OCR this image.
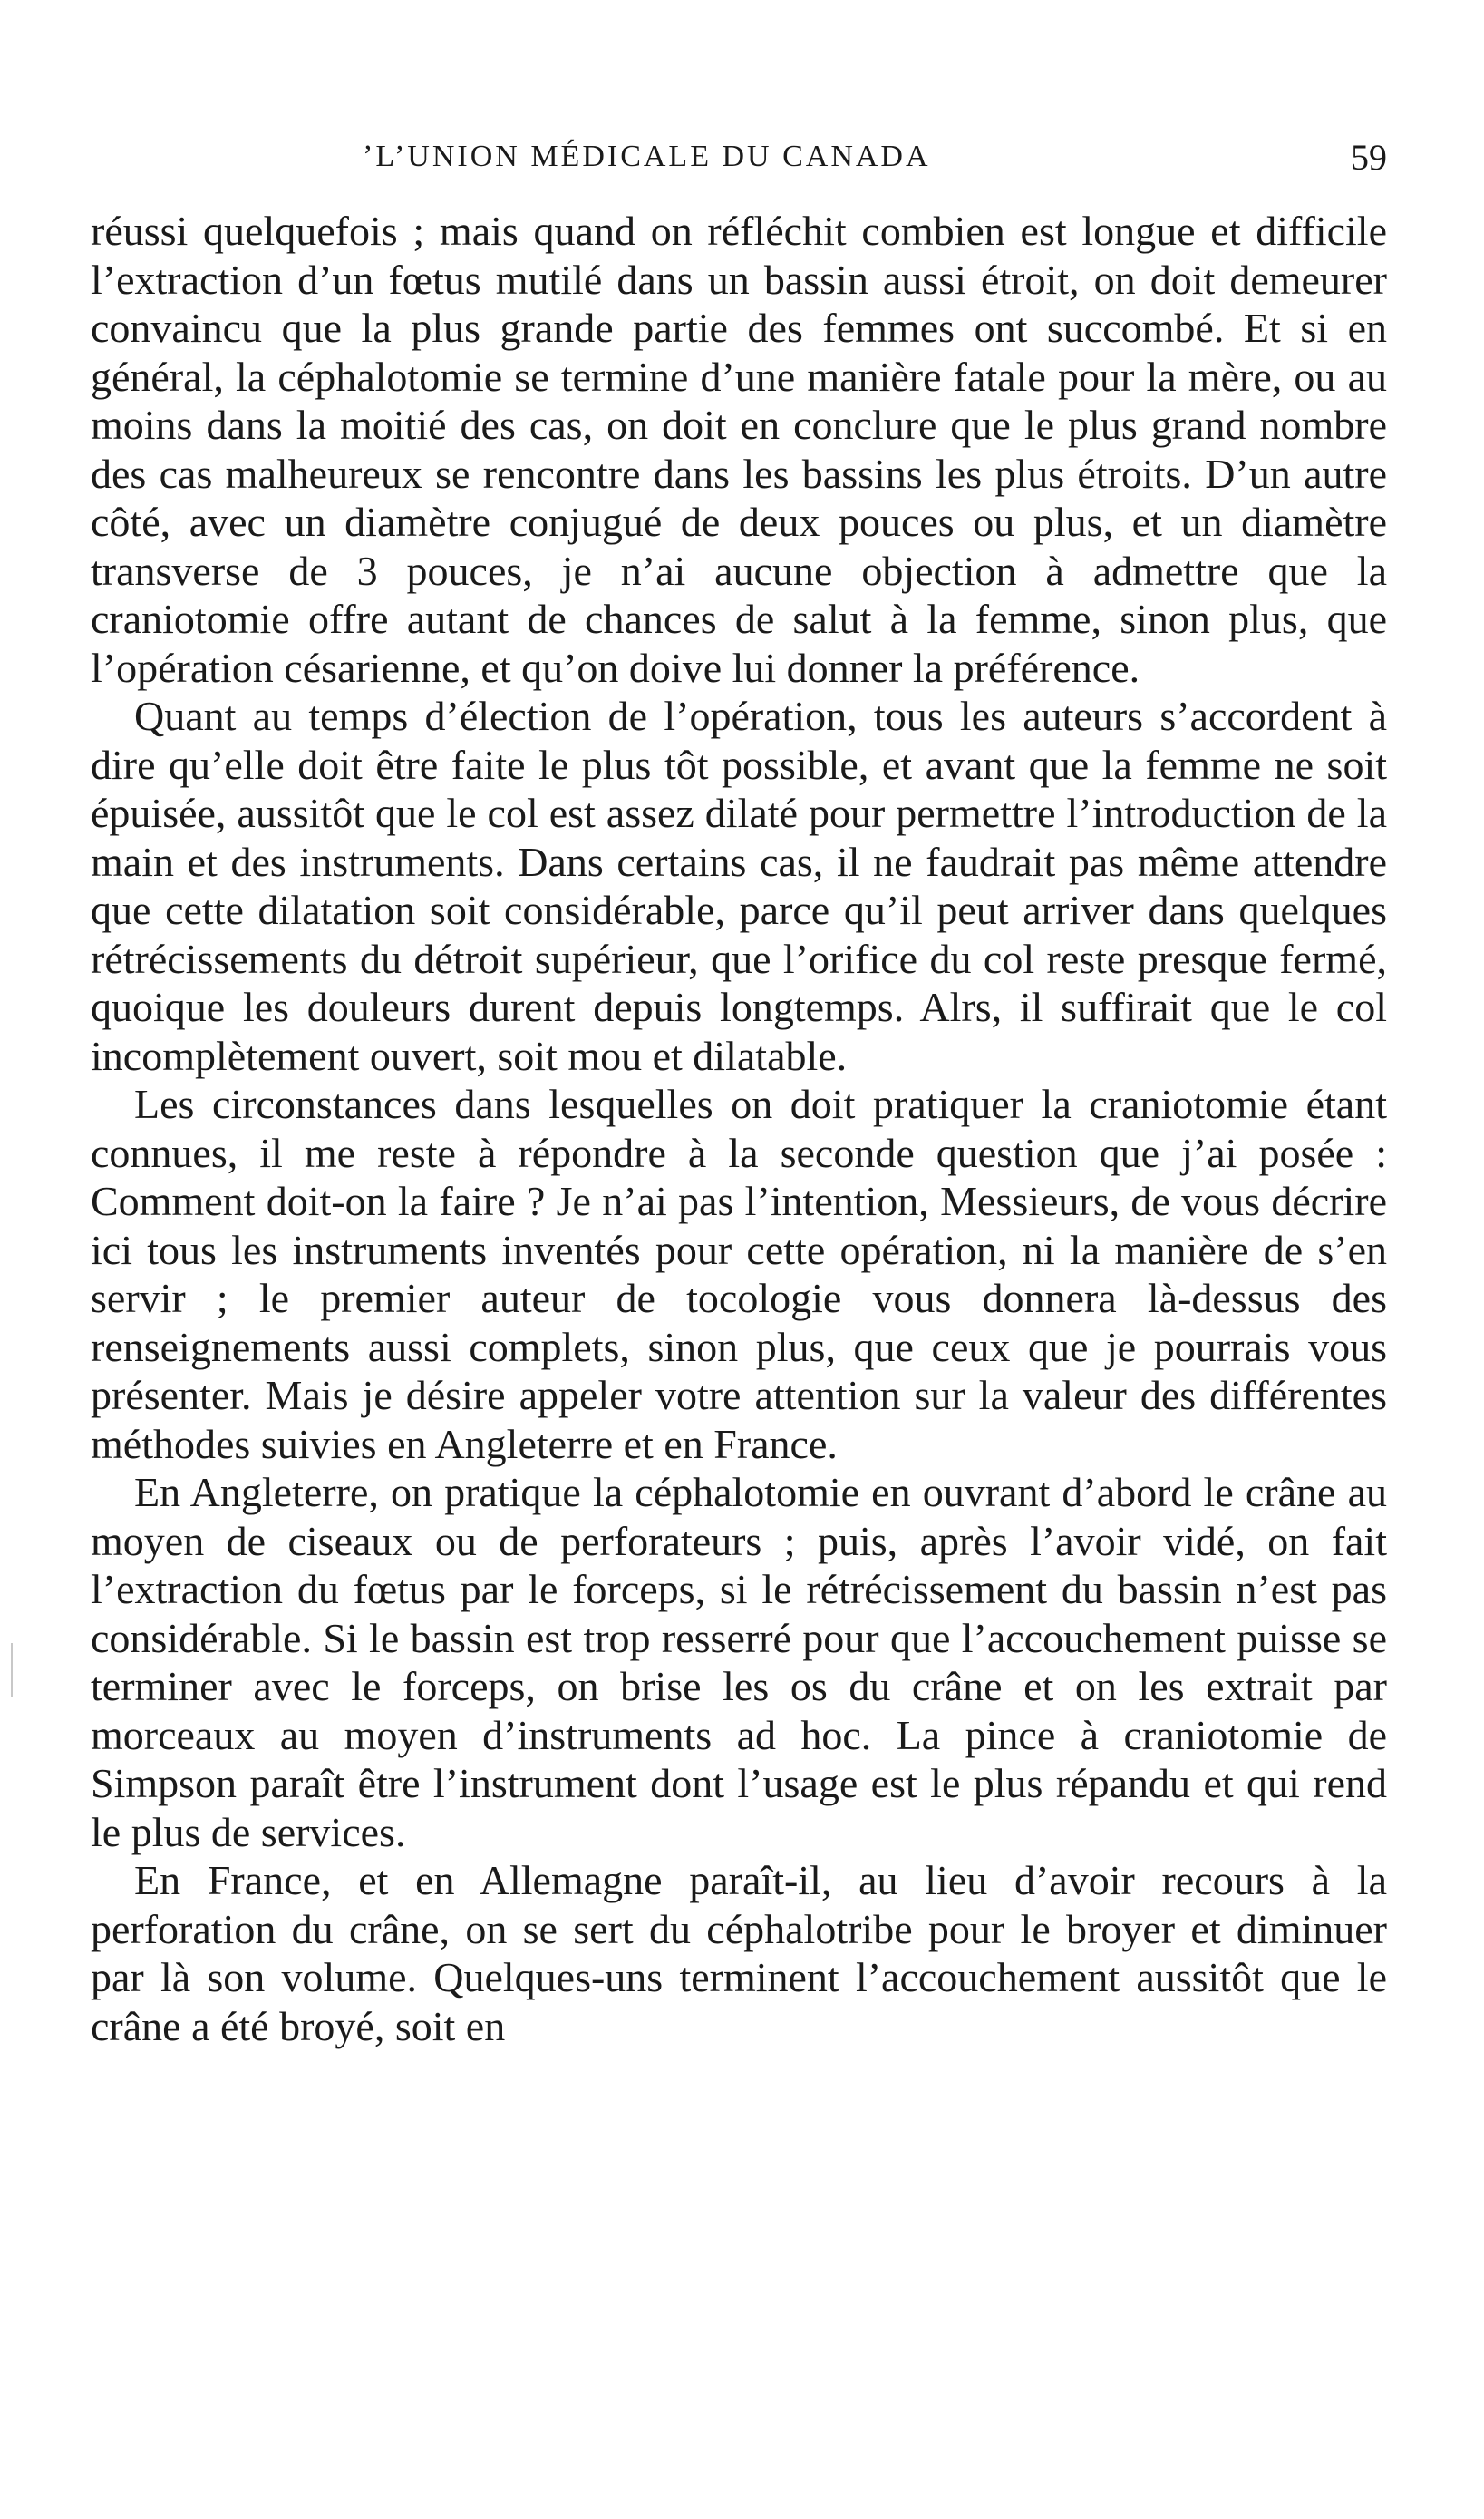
ʼL’UNION MÉDICALE DU CANADA	59

réussi quelquefois ; mais quand on réfléchit combien est longue et difficile l’extraction d’un fœtus mutilé dans un bassin aussi étroit, on doit demeurer convaincu que la plus grande partie des femmes ont succombé. Et si en général, la céphalotomie se termine d’une manière fatale pour la mère, ou au moins dans la moitié des cas, on doit en conclure que le plus grand nombre des cas malheureux se rencontre dans les bassins les plus étroits. D’un autre côté, avec un diamètre conjugué de deux pouces ou plus, et un diamètre transverse de 3 pouces, je n’ai aucune objection à admettre que la craniotomie offre autant de chances de salut à la femme, sinon plus, que l’opération césarienne, et qu’on doive lui donner la préférence.

Quant au temps d’élection de l’opération, tous les auteurs s’accordent à dire qu’elle doit être faite le plus tôt possible, et avant que la femme ne soit épuisée, aussitôt que le col est assez dilaté pour permettre l’introduction de la main et des instruments. Dans certains cas, il ne faudrait pas même attendre que cette dilatation soit considérable, parce qu’il peut arriver dans quelques rétrécissements du détroit supérieur, que l’orifice du col reste presque fermé, quoique les douleurs durent depuis longtemps. Alrs, il suffirait que le col incomplètement ouvert, soit mou et dilatable.

Les circonstances dans lesquelles on doit pratiquer la craniotomie étant connues, il me reste à répondre à la seconde question que j’ai posée : Comment doit-on la faire ? Je n’ai pas l’intention, Messieurs, de vous décrire ici tous les instruments inventés pour cette opération, ni la manière de s’en servir ; le premier auteur de tocologie vous donnera là-dessus des renseignements aussi complets, sinon plus, que ceux que je pourrais vous présenter. Mais je désire appeler votre attention sur la valeur des différentes méthodes suivies en Angleterre et en France.

En Angleterre, on pratique la céphalotomie en ouvrant d’abord le crâne au moyen de ciseaux ou de perforateurs ; puis, après l’avoir vidé, on fait l’extraction du fœtus par le forceps, si le rétrécissement du bassin n’est pas considérable. Si le bassin est trop resserré pour que l’accouchement puisse se terminer avec le forceps, on brise les os du crâne et on les extrait par morceaux au moyen d’instruments ad hoc. La pince à craniotomie de Simpson paraît être l’instrument dont l’usage est le plus répandu et qui rend le plus de services.

En France, et en Allemagne paraît-il, au lieu d’avoir recours à la perforation du crâne, on se sert du céphalotribe pour le broyer et diminuer par là son volume. Quelques-uns terminent l’accouchement aussitôt que le crâne a été broyé, soit en
